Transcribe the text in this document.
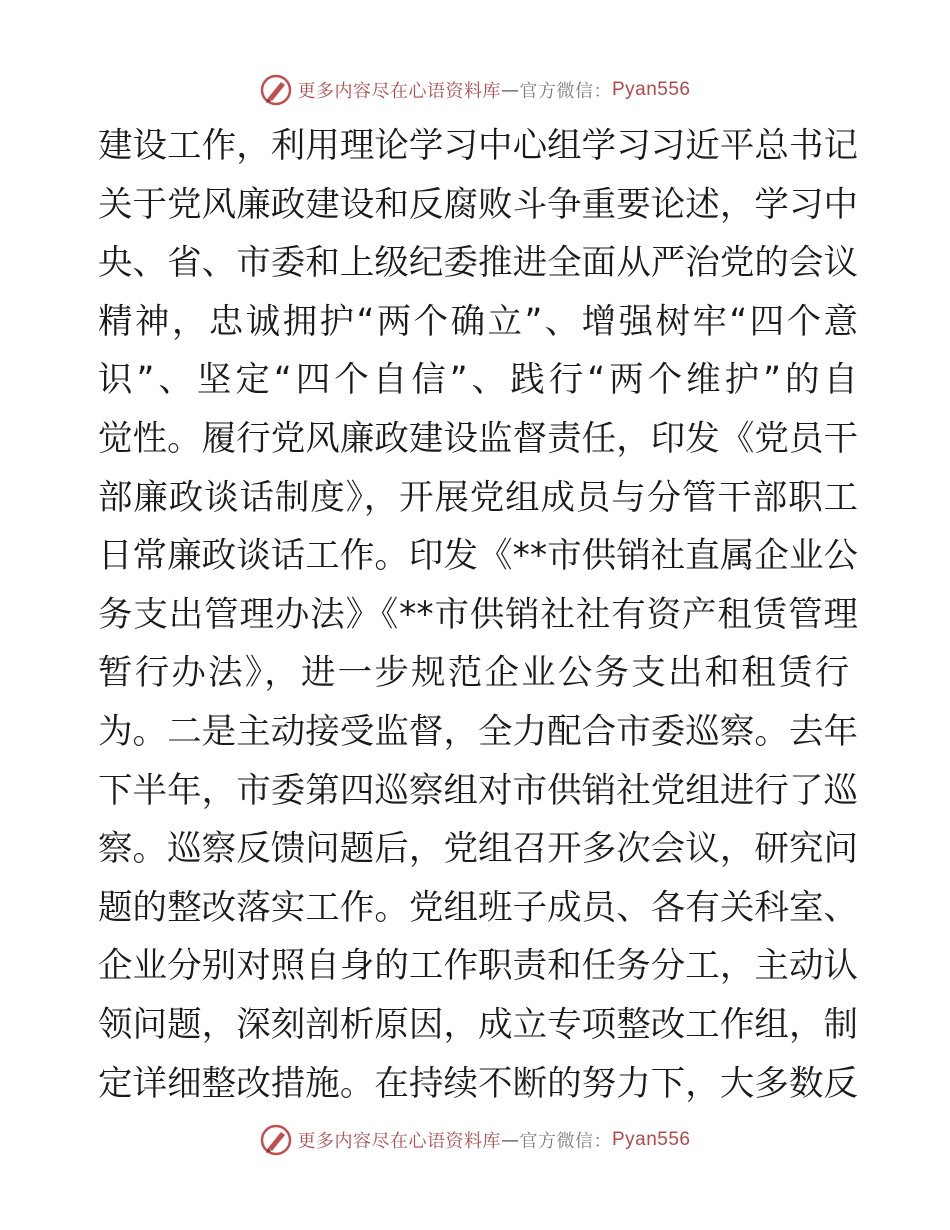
更多内容尽在心语资料库 — 官方微信： Pyan556
建设工作，利用理论学习中心组学习习近平总书记
关于党风廉政建设和反腐败斗争重要论述，学习中
央、省、市委和上级纪委推进全面从严治党的会议
精神，忠诚拥护“两个确立”、增强树牢“四个意
识”、坚定“四个自信”、践行“两个维护”的自
觉性。履行党风廉政建设监督责任，印发《党员干
部廉政谈话制度》，开展党组成员与分管干部职工
日常廉政谈话工作。印发《**市供销社直属企业公
务支出管理办法》《**市供销社社有资产租赁管理
暂行办法》，进一步规范企业公务支出和租赁行
为。二是主动接受监督，全力配合市委巡察。去年
下半年，市委第四巡察组对市供销社党组进行了巡
察。巡察反馈问题后，党组召开多次会议，研究问
题的整改落实工作。党组班子成员、各有关科室、
企业分别对照自身的工作职责和任务分工，主动认
领问题，深刻剖析原因，成立专项整改工作组，制
定详细整改措施。在持续不断的努力下，大多数反
更多内容尽在心语资料库 — 官方微信： Pyan556
